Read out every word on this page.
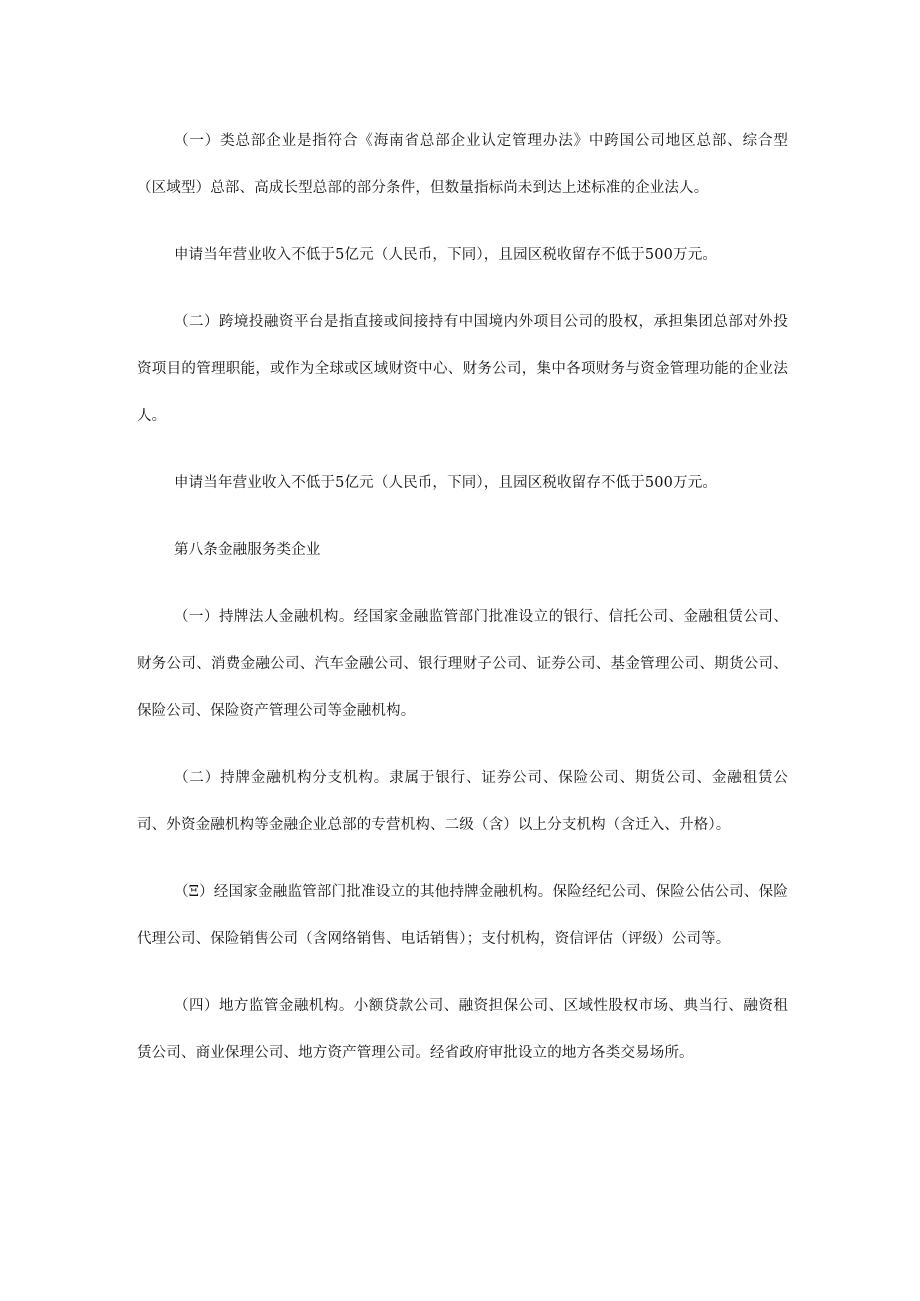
（一）类总部企业是指符合《海南省总部企业认定管理办法》中跨国公司地区总部、综合型（区域型）总部、高成长型总部的部分条件，但数量指标尚未到达上述标准的企业法人。

申请当年营业收入不低于5亿元（人民币，下同），且园区税收留存不低于500万元。

（二）跨境投融资平台是指直接或间接持有中国境内外项目公司的股权，承担集团总部对外投资项目的管理职能，或作为全球或区域财资中心、财务公司，集中各项财务与资金管理功能的企业法人。

申请当年营业收入不低于5亿元（人民币，下同），且园区税收留存不低于500万元。

第八条金融服务类企业

（一）持牌法人金融机构。经国家金融监管部门批准设立的银行、信托公司、金融租赁公司、财务公司、消费金融公司、汽车金融公司、银行理财子公司、证券公司、基金管理公司、期货公司、保险公司、保险资产管理公司等金融机构。

（二）持牌金融机构分支机构。隶属于银行、证券公司、保险公司、期货公司、金融租赁公司、外资金融机构等金融企业总部的专营机构、二级（含）以上分支机构（含迁入、升格）。

（Ξ）经国家金融监管部门批准设立的其他持牌金融机构。保险经纪公司、保险公估公司、保险代理公司、保险销售公司（含网络销售、电话销售）；支付机构，资信评估（评级）公司等。

（四）地方监管金融机构。小额贷款公司、融资担保公司、区域性股权市场、典当行、融资租赁公司、商业保理公司、地方资产管理公司。经省政府审批设立的地方各类交易场所。
